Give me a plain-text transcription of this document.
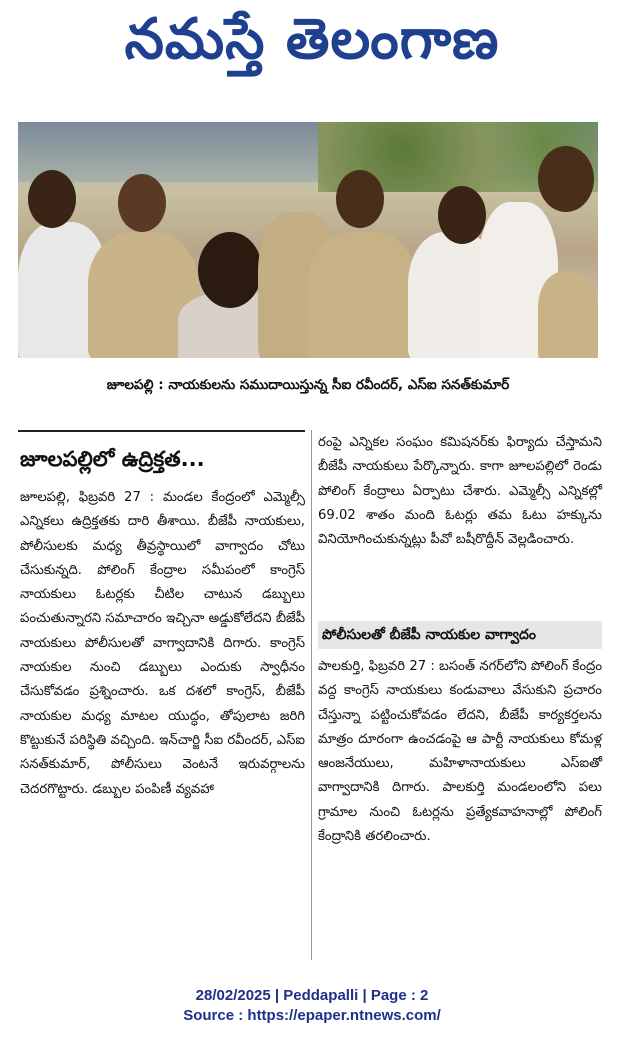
నమస్తే తెలంగాణ
జూలపల్లి : నాయకులను సముదాయిస్తున్న సీఐ రవీందర్, ఎస్‌ఐ సనత్‌కుమార్
జూలపల్లిలో ఉద్రిక్తత...

జూలపల్లి, ఫిబ్రవరి 27 : మండల కేంద్రంలో ఎమ్మెల్సీ ఎన్నికలు ఉద్రిక్తతకు దారి తీశాయి. బీజేపీ నాయకులు, పోలీసులకు మధ్య తీవ్రస్థాయిలో వాగ్వాదం చోటు చేసుకున్నది. పోలింగ్ కేంద్రాల సమీపంలో కాంగ్రెస్ నాయకులు ఓటర్లకు చీటిల చాటున డబ్బులు పంచుతున్నారని సమాచారం ఇచ్చినా అడ్డుకోలేదని బీజేపీ నాయకులు పోలీసులతో వాగ్వాదానికి దిగారు. కాంగ్రెస్ నాయకుల నుంచి డబ్బులు ఎందుకు స్వాధీనం చేసుకోవడం ప్రశ్నించారు. ఒక దశలో కాంగ్రెస్, బీజేపీ నాయకుల మధ్య మాటల యుద్ధం, తోపులాట జరిగి కొట్టుకునే పరిస్థితి వచ్చింది. ఇన్‌చార్జి సీఐ రవీందర్, ఎస్‌ఐ సనత్‌కుమార్, పోలీసులు వెంటనే ఇరువర్గాలను చెదరగొట్టారు. డబ్బుల పంపిణీ వ్యవహా

రంపై ఎన్నికల సంఘం కమిషనర్‌కు ఫిర్యాదు చేస్తామని బీజేపీ నాయకులు పేర్కొన్నారు. కాగా జూలపల్లిలో రెండు పోలింగ్ కేంద్రాలు ఏర్పాటు చేశారు. ఎమ్మెల్సీ ఎన్నికల్లో 69.02 శాతం మంది ఓటర్లు తమ ఓటు హక్కును వినియోగించుకున్నట్లు పీవో బషీరొద్దీన్ వెల్లడించారు.

పోలీసులతో బీజేపీ నాయకుల వాగ్వాదం

పాలకుర్తి, ఫిబ్రవరి 27 : బసంత్ నగర్‌లోని పోలింగ్ కేంద్రం వద్ద కాంగ్రెస్ నాయకులు కండువాలు వేసుకుని ప్రచారం చేస్తున్నా పట్టించుకోవడం లేదని, బీజేపీ కార్యకర్తలను మాత్రం దూరంగా ఉంచడంపై ఆ పార్టీ నాయకులు కోమళ్ల ఆంజనేయులు, మహిళానాయకులు ఎస్‌ఐతో వాగ్వాదానికి దిగారు. పాలకుర్తి మండలంలోని పలు గ్రామాల నుంచి ఓటర్లను ప్రత్యేకవాహనాల్లో పోలింగ్ కేంద్రానికి తరలించారు.

28/02/2025 | Peddapalli | Page : 2
Source : https://epaper.ntnews.com/
